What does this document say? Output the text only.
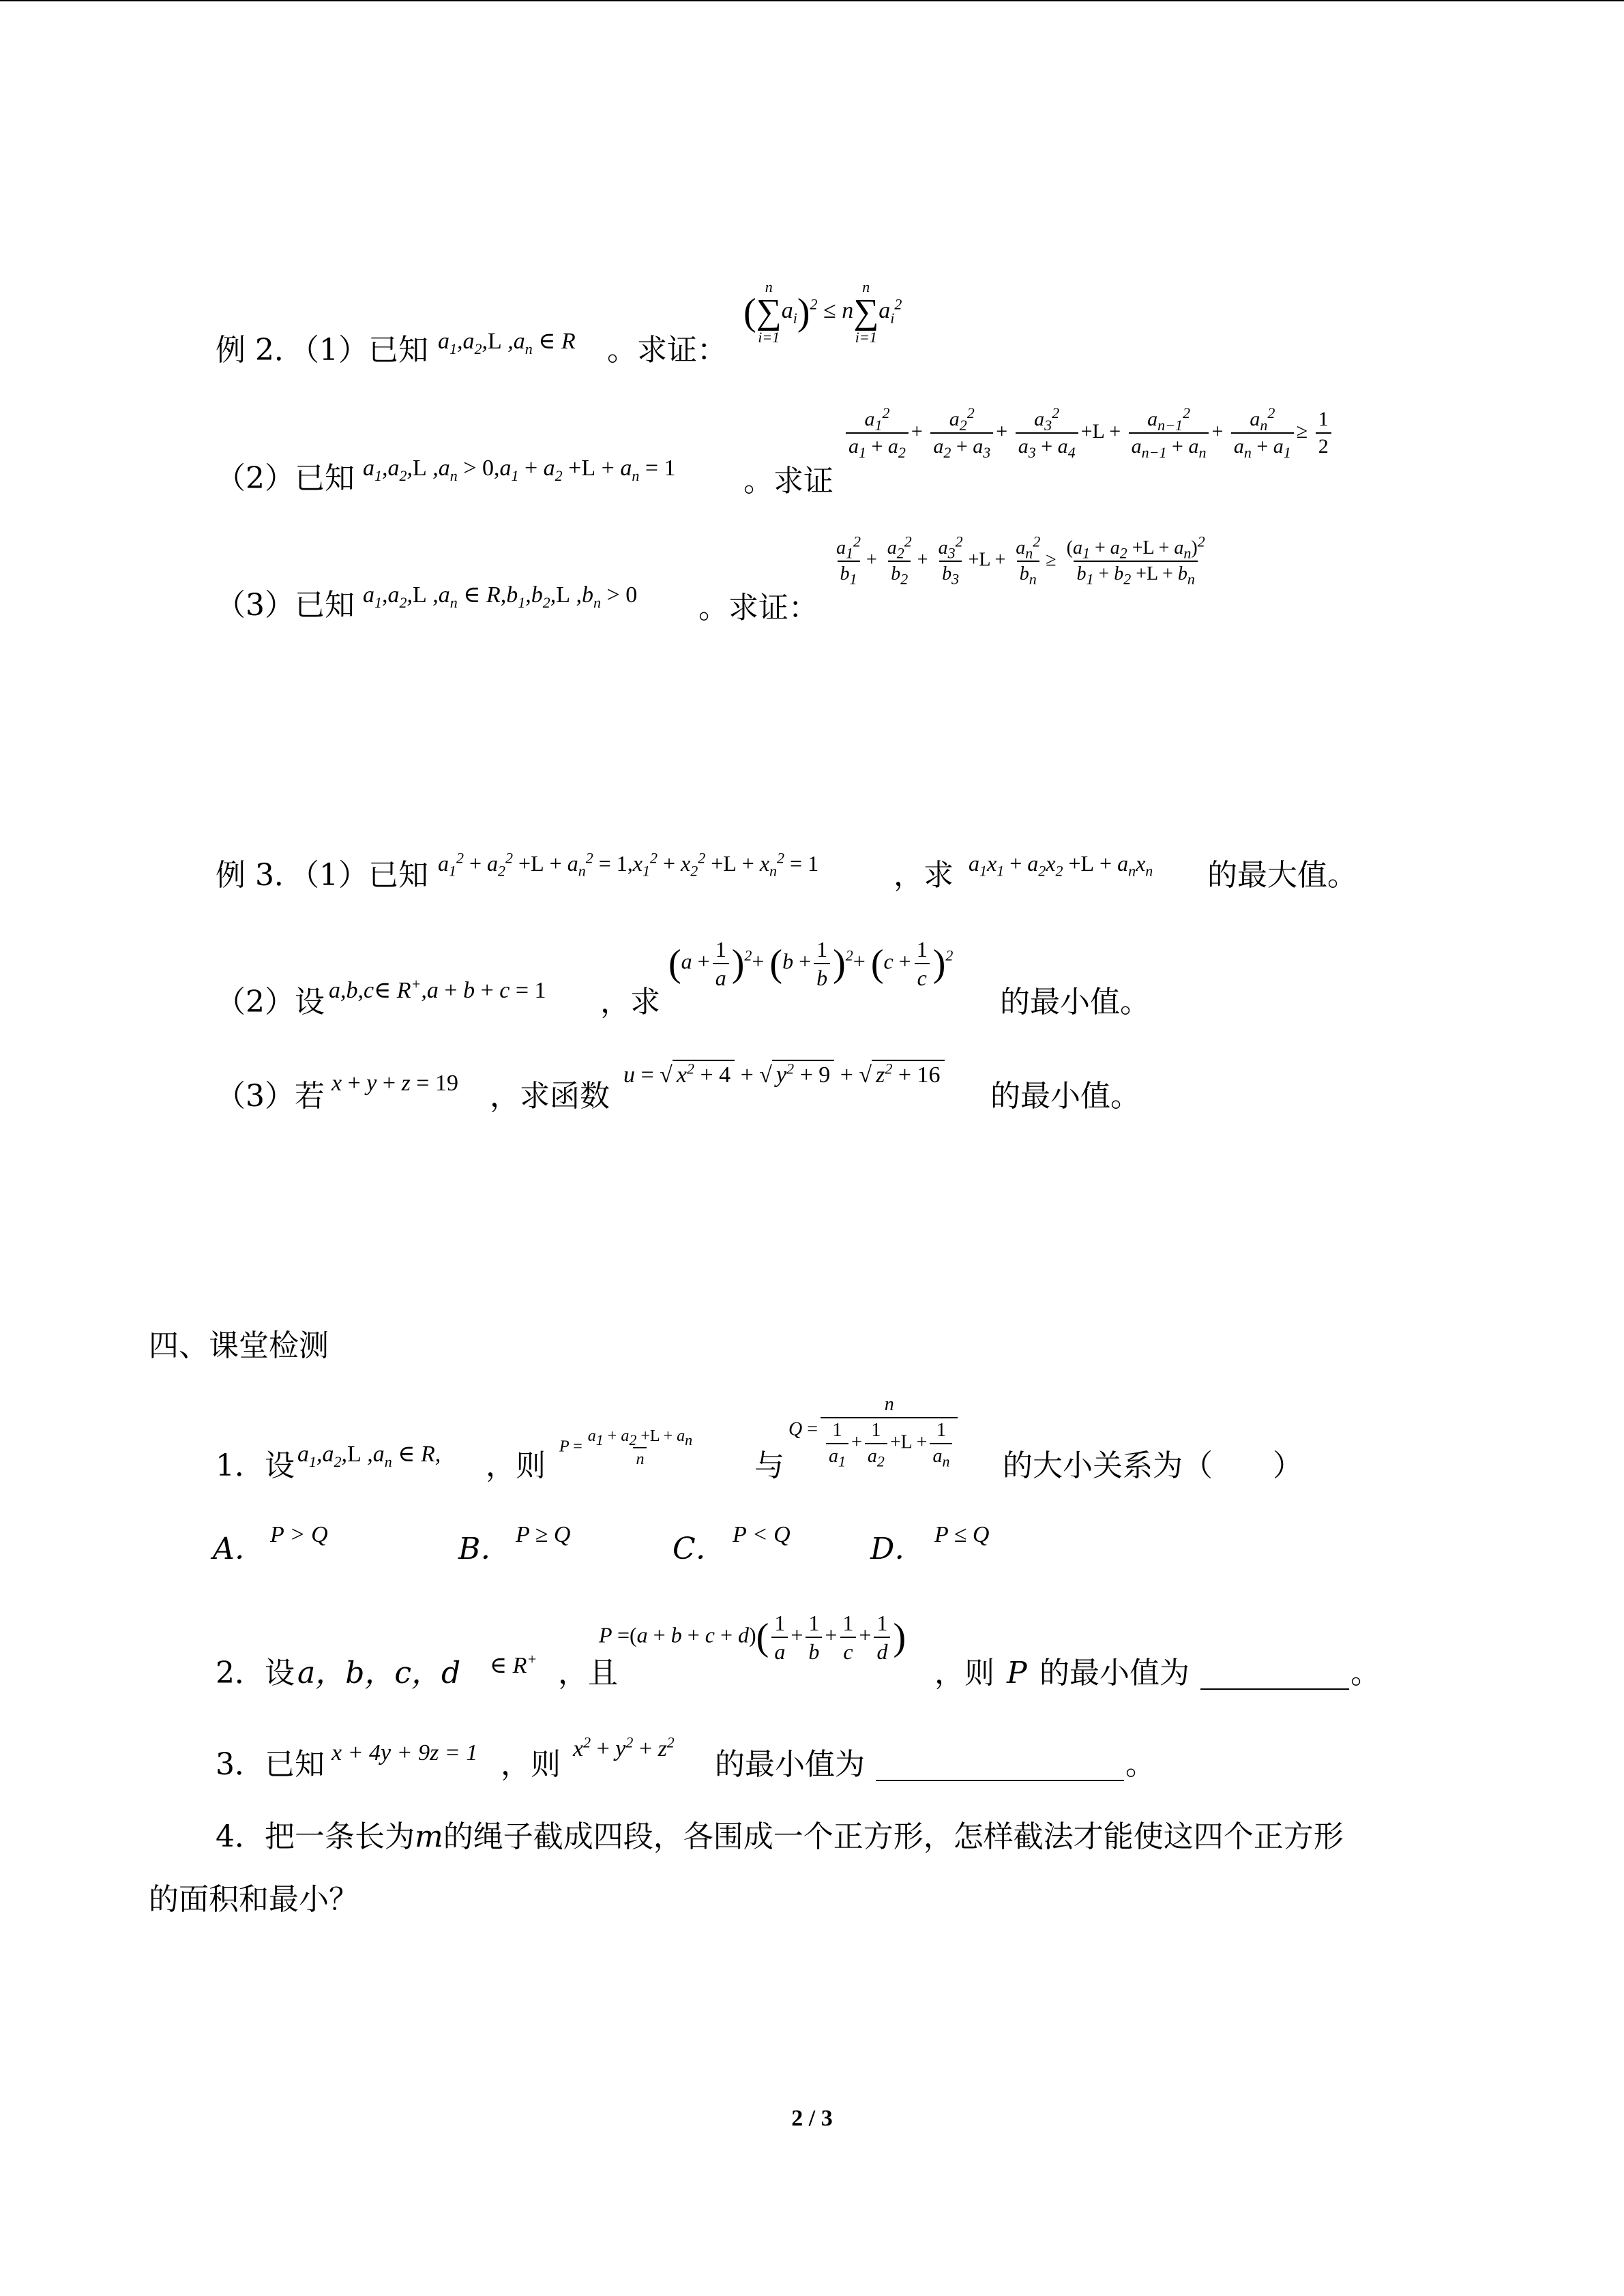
例 2．（1）已知 $a_1,a_2,L$ $,a_n$ ∈ R 。求证：
(
n
∑
i=1
$a_i)^2 \le n$
n
∑
i=1
$a_i^2$
（2）已知 $a_1,a_2,L$ $,a_n > 0,a_1 + a_2 +L + a_n = 1$ 。求证
$\frac{a_1^2}{a_1 + a_2} + \frac{a_2^2}{a_2 + a_3} + \frac{a_3^2}{a_3 + a_4} +L + \frac{a_{n-1}^2}{a_{n-1} + a_n} + \frac{a_n^2}{a_n + a_1} \ge \frac{1}{2}$
（3）已知 $a_1,a_2,L$ $,a_n$ ∈ $R,b_1,b_2,L$ $,b_n > 0$ 。求证：
$\frac{a_1^2}{b_1} + \frac{a_2^2}{b_2} + \frac{a_3^2}{b_3} +L + \frac{a_n^2}{b_n} \ge \frac{(a_1 + a_2 +L + a_n)^2}{b_1 + b_2 +L + b_n}$
例 3．（1）已知 $a_1^2 + a_2^2 +L + a_n^2 = 1,x_1^2 + x_2^2 +L + x_n^2 = 1$ ，求 $a_1x_1 + a_2x_2 +L + a_nx_n$ 的最大值。
（2）设 a,b,c∈ R+,a + b + c = 1 ，求
$(a + \frac{1}{a} )^2+ (b + \frac{1}{b} )^2+ (c + \frac{1}{c} )^2$
的最小值。
（3）若 x + y + z = 19 ，求函数
u = √ $x^2 + 4$ + √ $y^2 + 9$ + √ $z^2 + 16$
的最小值。
四、课堂检测
1．设 $a_1,a_2,L$ $,a_n$ ∈ R, ，则
$P = \frac{a_1 + a_2 +L + a_n}{n}$ 与
$Q = \frac{n}{\frac{1}{a_1} + \frac{1}{a_2} +L + \frac{1}{a_n}}$ 的大小关系为（　　）
A． P > Q	B． P ≥ Q	C． P < Q	D． P ≤ Q
2．设 a，b，c，d ∈ R+ ，且
$P =(a + b + c + d)( \frac{1}{a} + \frac{1}{b} + \frac{1}{c} + \frac{1}{d}$ )
，则 P 的最小值为	。
3．已知 x + 4y + 9z = 1 ，则 $x^2 + y^2 + z^2$
的最小值为	。
4．把一条长为m的绳子截成四段，各围成一个正方形，怎样截法才能使这四个正方形
的面积和最小？
2 / 3
